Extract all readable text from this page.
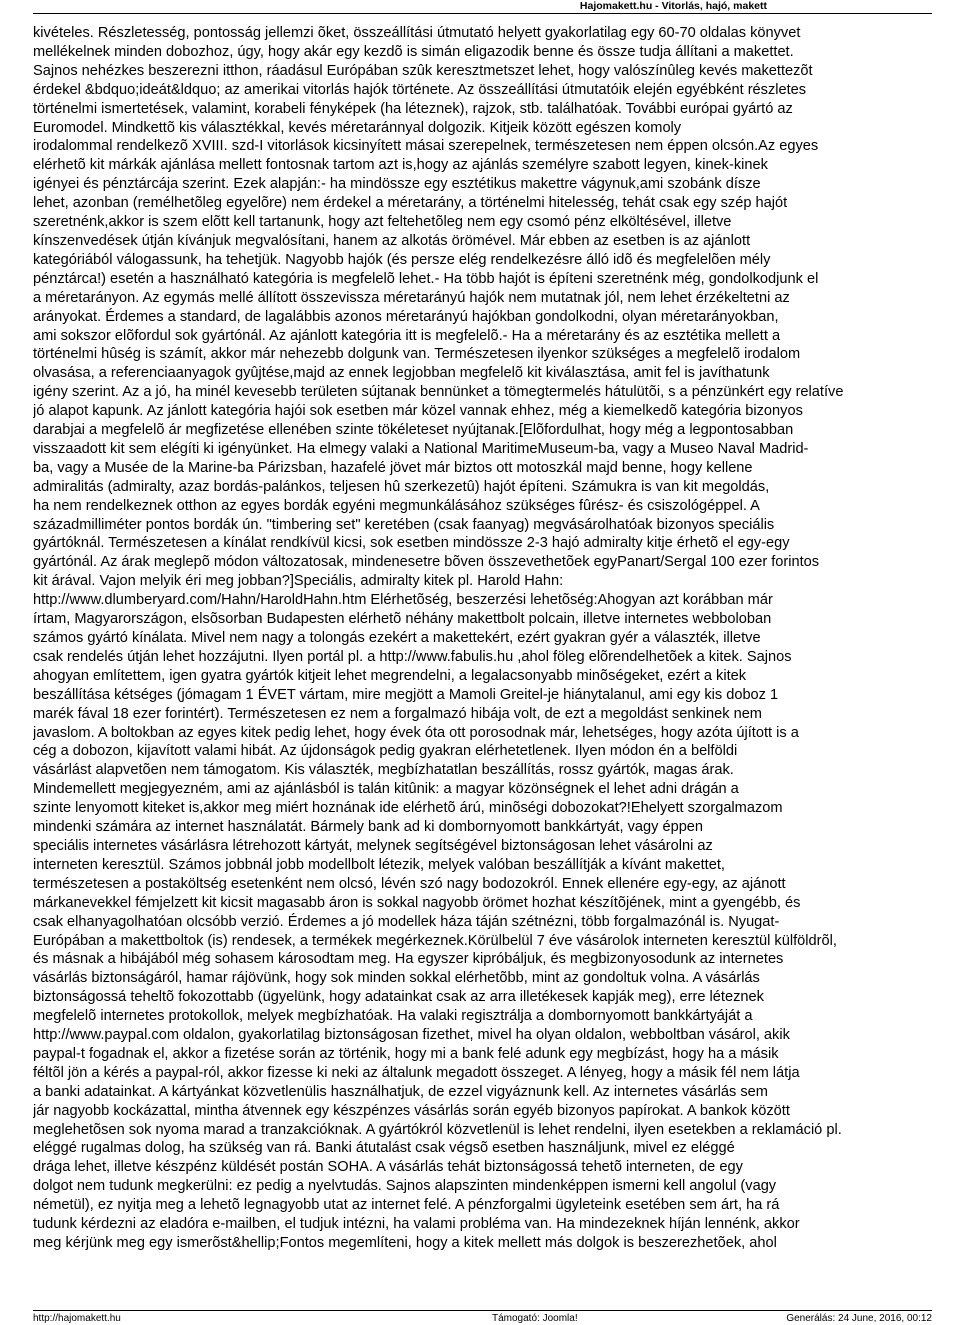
Hajomakett.hu - Vitorlás, hajó, makett

kivételes. Részletesség, pontosság jellemzi õket, összeállítási útmutató helyett gyakorlatilag egy 60-70 oldalas könyvet

mellékelnek minden dobozhoz, úgy, hogy akár egy kezdõ is simán eligazodik benne és össze tudja állítani a makettet.

Sajnos nehézkes beszerezni itthon, ráadásul Európában szûk keresztmetszet lehet, hogy valószínûleg kevés makettezõt

érdekel &bdquo;ideát&ldquo; az amerikai vitorlás hajók története. Az összeállítási útmutatóik elején egyébként részletes

történelmi ismertetések, valamint, korabeli fényképek (ha léteznek), rajzok, stb. találhatóak. További európai gyártó az

Euromodel. Mindkettõ kis választékkal, kevés méretaránnyal dolgozik. Kitjeik között egészen komoly

irodalommal rendelkezõ XVIII. szd-I vitorlások kicsinyített másai szerepelnek, természetesen nem éppen olcsón.Az egyes

elérhetõ kit márkák ajánlása mellett fontosnak tartom azt is,hogy az ajánlás személyre szabott legyen, kinek-kinek

igényei és pénztárcája szerint. Ezek alapján:- ha mindössze egy esztétikus makettre vágynuk,ami szobánk dísze

lehet, azonban (remélhetõleg egyelõre) nem érdekel a méretarány, a történelmi hitelesség, tehát csak egy szép hajót

szeretnénk,akkor is szem elõtt kell tartanunk, hogy azt feltehetõleg nem egy csomó pénz elköltésével, illetve

kínszenvedések útján kívánjuk megvalósítani, hanem az alkotás örömével. Már ebben az esetben is az ajánlott

kategóriából válogassunk, ha tehetjük. Nagyobb hajók (és persze elég rendelkezésre álló idõ és megfelelõen mély

pénztárca!) esetén a használható kategória is megfelelõ lehet.- Ha több hajót is építeni szeretnénk még, gondolkodjunk el

a méretarányon. Az egymás mellé állított összevissza méretarányú hajók nem mutatnak jól, nem lehet érzékeltetni az

arányokat. Érdemes a standard, de lagalábbis azonos méretarányú hajókban gondolkodni, olyan méretarányokban,

ami sokszor elõfordul sok gyártónál. Az ajánlott kategória itt is megfelelõ.- Ha a méretarány és az esztétika mellett a

történelmi hûség is számít, akkor már nehezebb dolgunk van. Természetesen ilyenkor szükséges a megfelelõ irodalom

olvasása, a referenciaanyagok gyûjtése,majd az ennek legjobban megfelelõ kit kiválasztása, amit fel is javíthatunk

igény szerint. Az a jó, ha minél kevesebb területen sújtanak bennünket a tömegtermelés hátulütõi, s a pénzünkért egy relatíve

jó alapot kapunk. Az jánlott kategória hajói sok esetben már közel vannak ehhez, még a kiemelkedõ kategória bizonyos

darabjai a megfelelõ ár megfizetése ellenében szinte tökéleteset nyújtanak.[Elõfordulhat, hogy még a legpontosabban

visszaadott kit sem elégíti ki igényünket. Ha elmegy valaki a National MaritimeMuseum-ba, vagy a Museo Naval Madrid-

ba, vagy a Musée de la Marine-ba Párizsban, hazafelé jövet már biztos ott motoszkál majd benne, hogy kellene

admiralitás (admiralty, azaz bordás-palánkos, teljesen hû szerkezetû) hajót építeni. Számukra is van kit megoldás,

ha nem rendelkeznek otthon az egyes bordák egyéni megmunkálásához szükséges fûrész- és csiszológéppel. A

századmilliméter pontos bordák ún. "timbering set" keretében (csak faanyag) megvásárolhatóak bizonyos speciális

gyártóknál. Természetesen a kínálat rendkívül kicsi, sok esetben mindössze 2-3 hajó admiralty kitje érhetõ el egy-egy

gyártónál. Az árak meglepõ módon változatosak, mindenesetre bõven összevethetõek egyPanart/Sergal 100 ezer forintos

kit árával. Vajon melyik éri meg jobban?]Speciális, admiralty kitek pl. Harold Hahn:

http://www.dlumberyard.com/Hahn/HaroldHahn.htm Elérhetõség, beszerzési lehetõség:Ahogyan azt korábban már

írtam, Magyarországon, elsõsorban Budapesten elérhetõ néhány makettbolt polcain, illetve internetes webboloban

számos gyártó kínálata. Mivel nem nagy a tolongás ezekért a makettekért, ezért gyakran gyér a választék, illetve

csak rendelés útján lehet hozzájutni. Ilyen portál pl. a http://www.fabulis.hu ,ahol föleg elõrendelhetõek a kitek. Sajnos

ahogyan említettem, igen gyatra gyártók kitjeit lehet megrendelni, a legalacsonyabb minõségeket, ezért a kitek

beszállítása kétséges (jómagam 1 ÉVET vártam, mire megjött a Mamoli Greitel-je hiánytalanul, ami egy kis doboz 1

marék fával 18 ezer forintért). Természetesen ez nem a forgalmazó hibája volt, de ezt a megoldást senkinek nem

javaslom. A boltokban az egyes kitek pedig lehet, hogy évek óta ott porosodnak már, lehetséges, hogy azóta újított is a

cég a dobozon, kijavított valami hibát. Az újdonságok pedig gyakran elérhetetlenek. Ilyen módon én a belföldi

vásárlást alapvetõen nem támogatom. Kis választék, megbízhatatlan beszállítás, rossz gyártók, magas árak.

Mindemellett megjegyezném, ami az ajánlásból is talán kitûnik: a magyar közönségnek el lehet adni drágán a

szinte lenyomott kiteket is,akkor meg miért hoznának ide elérhetõ árú, minõségi dobozokat?!Ehelyett szorgalmazom

mindenki számára az internet használatát. Bármely bank ad ki dombornyomott bankkártyát, vagy éppen

speciális internetes vásárlásra létrehozott kártyát, melynek segítségével biztonságosan lehet vásárolni az

interneten keresztül. Számos jobbnál jobb modellbolt létezik, melyek valóban beszállítják a kívánt makettet,

természetesen a postaköltség esetenként nem olcsó, lévén szó nagy bodozokról. Ennek ellenére egy-egy, az ajánott

márkanevekkel fémjelzett kit kicsit magasabb áron is sokkal nagyobb örömet hozhat készítõjének, mint a gyengébb, és

csak elhanyagolhatóan olcsóbb verzió. Érdemes a jó modellek háza táján szétnézni, több forgalmazónál is. Nyugat-

Európában a makettboltok (is) rendesek, a termékek megérkeznek.Körülbelül 7 éve vásárolok interneten keresztül külföldrõl,

és másnak a hibájából még sohasem károsodtam meg. Ha egyszer kipróbáljuk, és megbizonyosodunk az internetes

vásárlás biztonságáról, hamar rájövünk, hogy sok minden sokkal elérhetõbb, mint az gondoltuk volna. A vásárlás

biztonságossá teheltõ fokozottabb (ügyelünk, hogy adatainkat csak az arra illetékesek kapják meg), erre léteznek

megfelelõ internetes protokollok, melyek megbízhatóak. Ha valaki regisztrálja a dombornyomott bankkártyáját a

http://www.paypal.com oldalon, gyakorlatilag biztonságosan fizethet, mivel ha olyan oldalon, webboltban vásárol, akik

paypal-t fogadnak el, akkor a fizetése során az történik, hogy mi a bank felé adunk egy megbízást, hogy ha a másik

féltõl jön a kérés a paypal-ról, akkor fizesse ki neki az általunk megadott összeget. A lényeg, hogy a másik fél nem látja

a banki adatainkat. A kártyánkat közvetlenülis használhatjuk, de ezzel vigyáznunk kell. Az internetes vásárlás sem

jár nagyobb kockázattal, mintha átvennek egy készpénzes vásárlás során egyéb bizonyos papírokat. A bankok között

meglehetõsen sok nyoma marad a tranzakcióknak. A gyártókról közvetlenül is lehet rendelni, ilyen esetekben a reklamáció pl.

eléggé rugalmas dolog, ha szükség van rá. Banki átutalást csak végsõ esetben használjunk, mivel ez eléggé

drága lehet, illetve készpénz küldését postán SOHA. A vásárlás tehát biztonságossá tehetõ interneten, de egy

dolgot nem tudunk megkerülni: ez pedig a nyelvtudás. Sajnos alapszinten mindenképpen ismerni kell angolul (vagy

németül), ez nyitja meg a lehetõ legnagyobb utat az internet felé. A pénzforgalmi ügyleteink esetében sem árt, ha rá

tudunk kérdezni az eladóra e-mailben, el tudjuk intézni, ha valami probléma van. Ha mindezeknek híján lennénk, akkor

meg kérjünk meg egy ismerõst&hellip;Fontos megemlíteni, hogy a kitek mellett más dolgok is beszerezhetõek, ahol

http://hajomakett.hu	Támogató: Joomla!	Generálás: 24 June, 2016, 00:12
